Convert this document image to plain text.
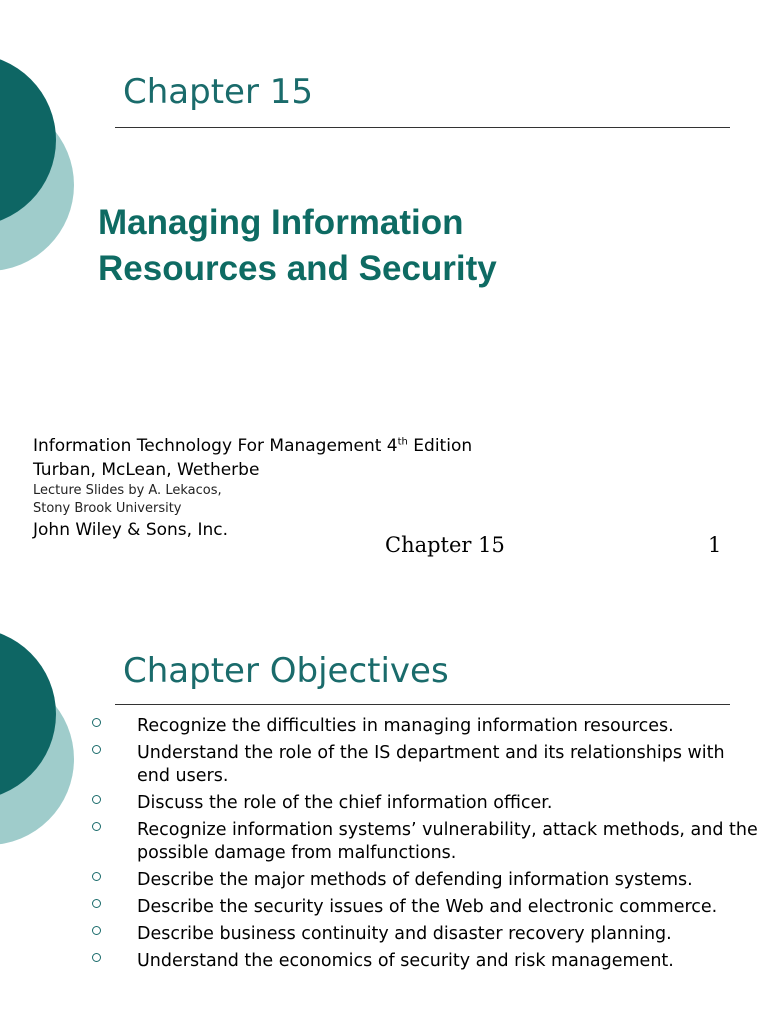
Chapter 15
Managing Information
Resources and Security
Information Technology For Management 4th Edition
Turban, McLean, Wetherbe
Lecture Slides by A. Lekacos,
Stony Brook University
John Wiley & Sons, Inc.
Chapter 15	1
Chapter Objectives
Recognize the difficulties in managing information resources.
Understand the role of the IS department and its relationships with end users.
Discuss the role of the chief information officer.
Recognize information systems’ vulnerability, attack methods, and the possible damage from malfunctions.
Describe the major methods of defending information systems.
Describe the security issues of the Web and electronic commerce.
Describe business continuity and disaster recovery planning.
Understand the economics of security and risk management.
